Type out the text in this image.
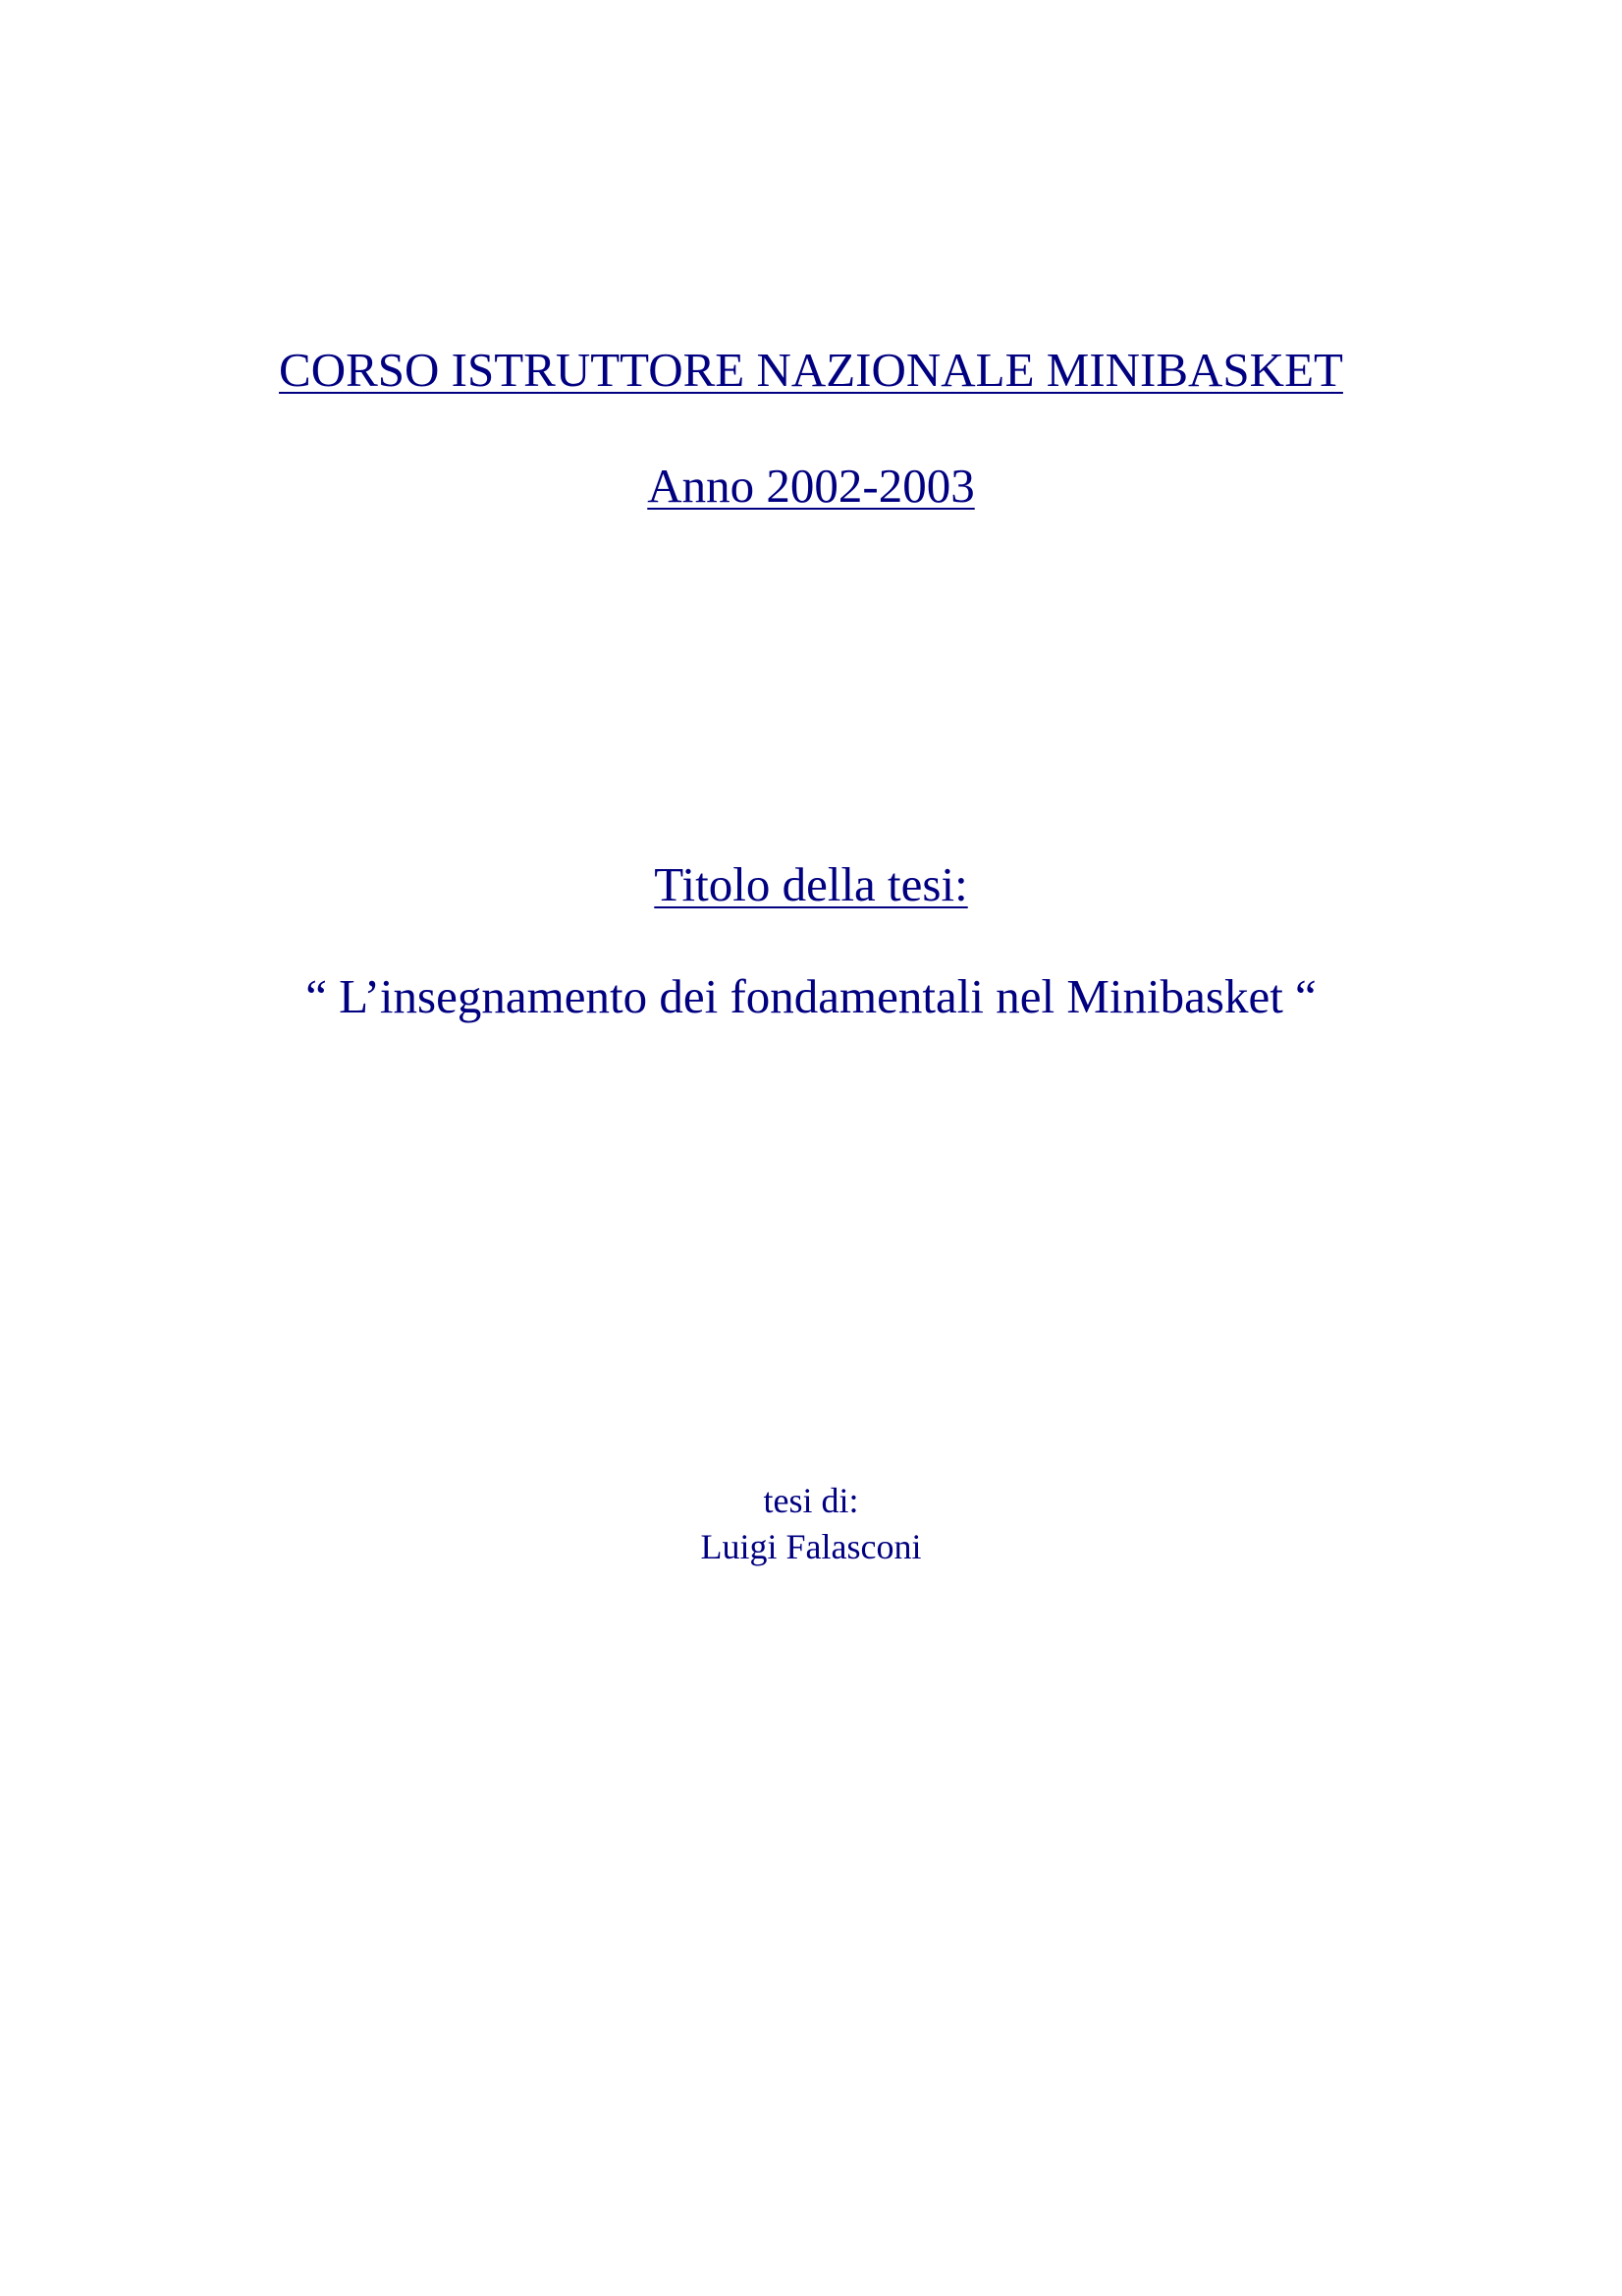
CORSO ISTRUTTORE NAZIONALE MINIBASKET
Anno 2002-2003
Titolo della tesi:
“ L’insegnamento dei fondamentali nel Minibasket “
tesi di:
Luigi Falasconi
